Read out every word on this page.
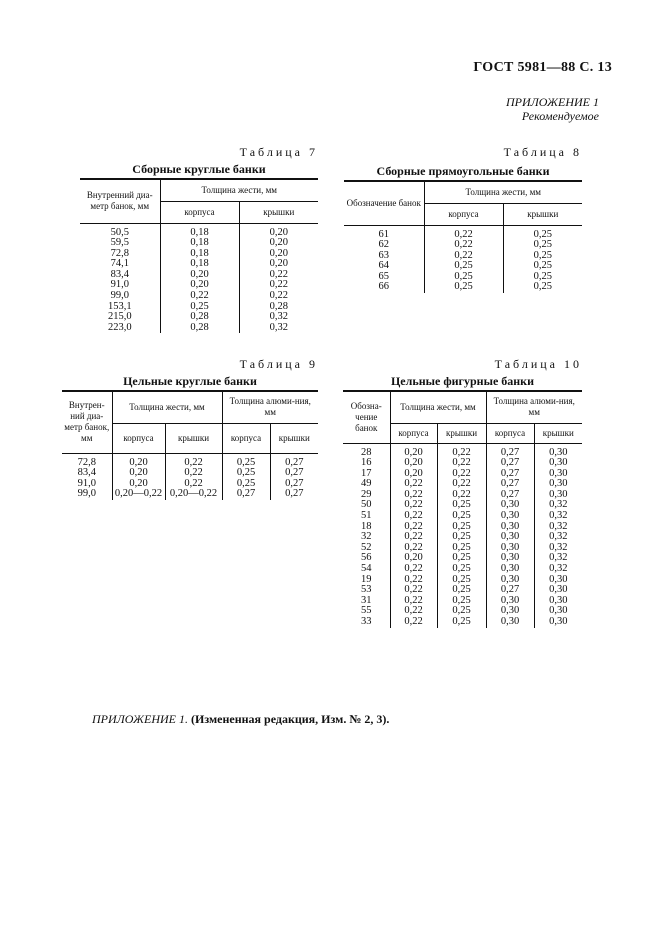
ГОСТ 5981—88 С. 13
ПРИЛОЖЕНИЕ 1
Рекомендуемое
Таблица 7
Сборные круглые банки
Внутренний диа-метр банок, мм	Толщина жести, мм	
	корпуса	крышки
50,5	0,18	0,20
59,5	0,18	0,20
72,8	0,18	0,20
74,1	0,18	0,20
83,4	0,20	0,22
91,0	0,20	0,22
99,0	0,22	0,22
153,1	0,25	0,28
215,0	0,28	0,32
223,0	0,28	0,32
Таблица 8
Сборные прямоугольные банки
Обозначение банок	Толщина жести, мм	
	корпуса	крышки
61	0,22	0,25
62	0,22	0,25
63	0,22	0,25
64	0,25	0,25
65	0,25	0,25
66	0,25	0,25
Таблица 9
Цельные круглые банки
Внутрен-ний диа-метр банок, мм	Толщина жести, мм		Толщина алюми-ния, мм	
	корпуса	крышки	корпуса	крышки
72,8	0,20	0,22	0,25	0,27
83,4	0,20	0,22	0,25	0,27
91,0	0,20	0,22	0,25	0,27
99,0	0,20—0,22	0,20—0,22	0,27	0,27
Таблица 10
Цельные фигурные банки
Обозна-чение банок	Толщина жести, мм		Толщина алюми-ния, мм	
	корпуса	крышки	корпуса	крышки
28	0,20	0,22	0,27	0,30
16	0,20	0,22	0,27	0,30
17	0,20	0,22	0,27	0,30
49	0,22	0,22	0,27	0,30
29	0,22	0,22	0,27	0,30
50	0,22	0,25	0,30	0,32
51	0,22	0,25	0,30	0,32
18	0,22	0,25	0,30	0,32
32	0,22	0,25	0,30	0,32
52	0,22	0,25	0,30	0,32
56	0,20	0,25	0,30	0,32
54	0,22	0,25	0,30	0,32
19	0,22	0,25	0,30	0,30
53	0,22	0,25	0,27	0,30
31	0,22	0,25	0,30	0,30
55	0,22	0,25	0,30	0,30
33	0,22	0,25	0,30	0,30
ПРИЛОЖЕНИЕ 1. (Измененная редакция, Изм. № 2, 3).
